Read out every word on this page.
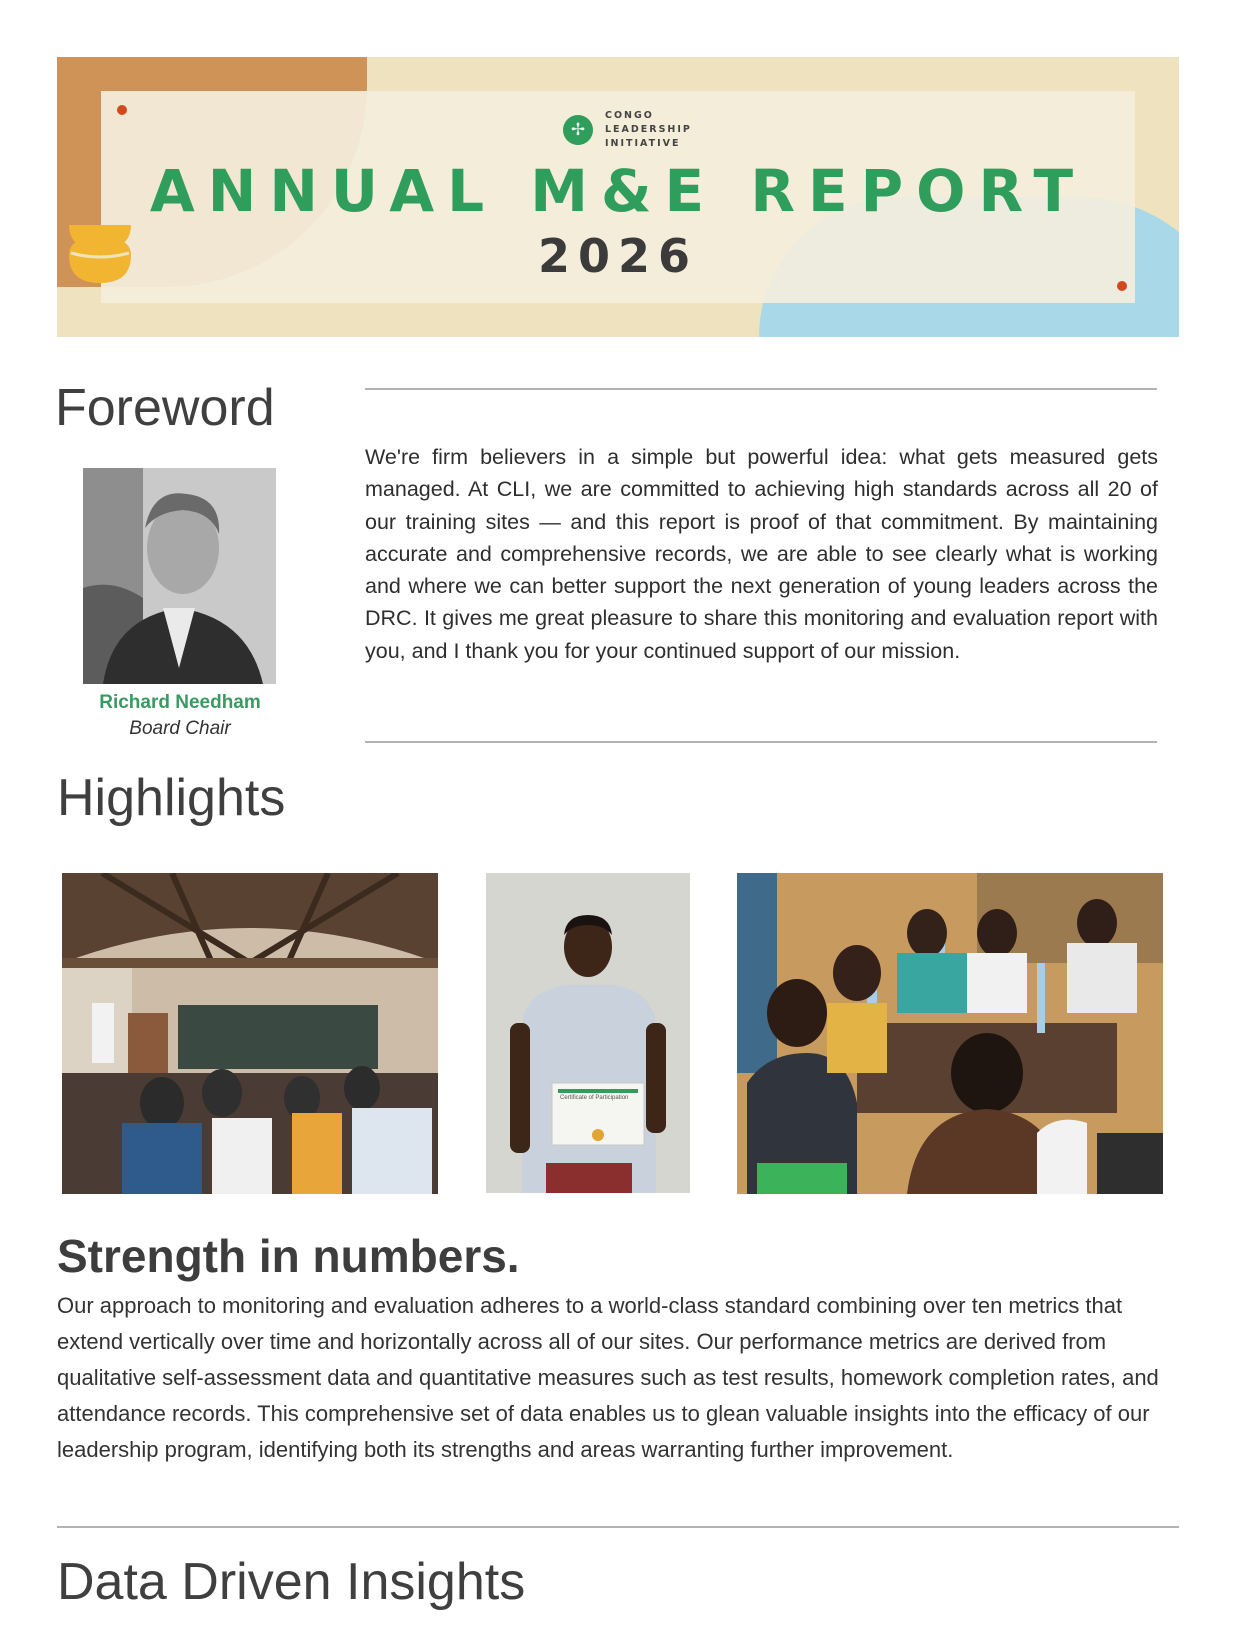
✢
CONGO
LEADERSHIP
INITIATIVE
ANNUAL M&E REPORT
2026
Foreword
Richard Needham
Board Chair

We're firm believers in a simple but powerful idea: what gets measured gets managed. At CLI, we are committed to achieving high standards across all 20 of our training sites — and this report is proof of that commitment. By maintaining accurate and comprehensive records, we are able to see clearly what is working and where we can better support the next generation of young leaders across the DRC. It gives me great pleasure to share this monitoring and evaluation report with you, and I thank you for your continued support of our mission.

Highlights
Certificate of Participation
Strength in numbers.

Our approach to monitoring and evaluation adheres to a world-class standard combining over ten metrics that extend vertically over time and horizontally across all of our sites. Our performance metrics are derived from qualitative self-assessment data and quantitative measures such as test results, homework completion rates, and attendance records. This comprehensive set of data enables us to glean valuable insights into the efficacy of our leadership program, identifying both its strengths and areas warranting further improvement.

Data Driven Insights
